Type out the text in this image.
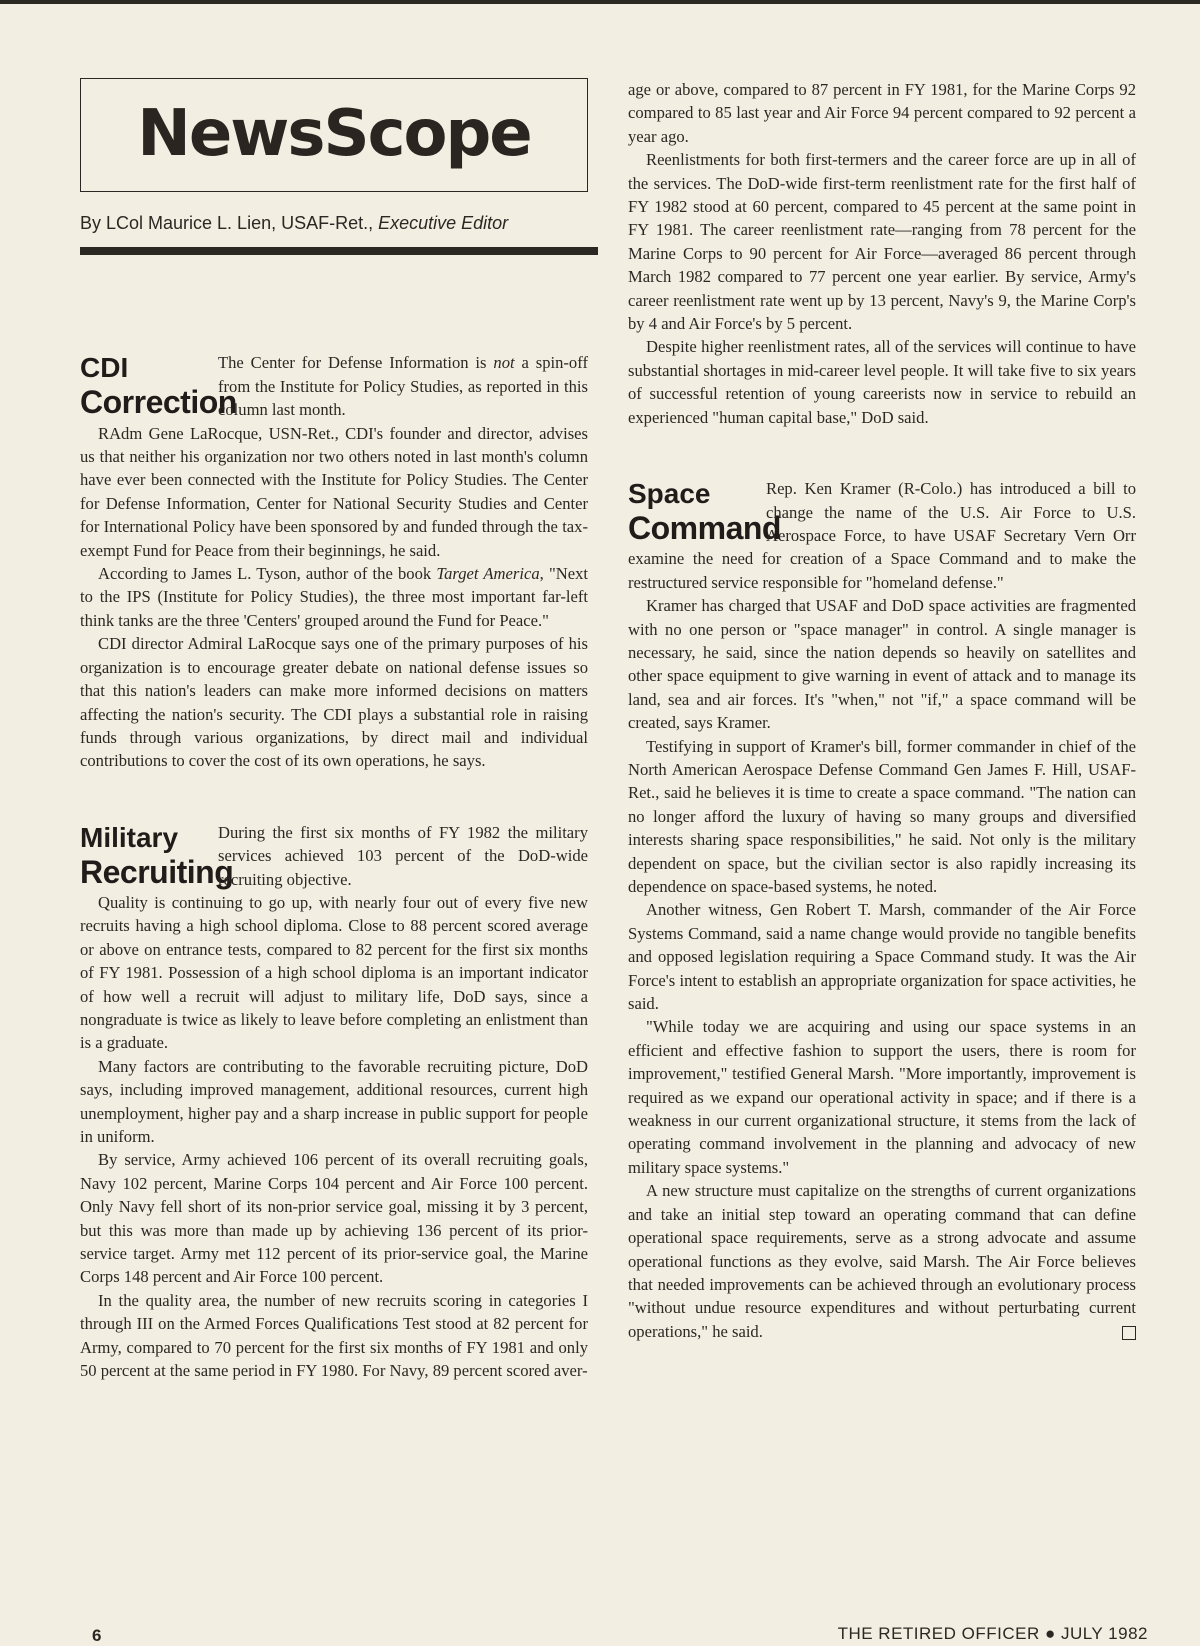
NewsScope
By LCol Maurice L. Lien, USAF-Ret., Executive Editor
CDI
Correction

The Center for Defense Information is not a spin-off from the Institute for Policy Studies, as reported in this column last month.

RAdm Gene LaRocque, USN-Ret., CDI's founder and director, advises us that neither his organization nor two others noted in last month's column have ever been connected with the Institute for Policy Studies. The Center for Defense Information, Center for National Security Studies and Center for International Policy have been sponsored by and funded through the tax-exempt Fund for Peace from their beginnings, he said.

According to James L. Tyson, author of the book Target America, "Next to the IPS (Institute for Policy Studies), the three most important far-left think tanks are the three 'Centers' grouped around the Fund for Peace."

CDI director Admiral LaRocque says one of the primary purposes of his organization is to encourage greater debate on national defense issues so that this nation's leaders can make more informed decisions on matters affecting the nation's security. The CDI plays a substantial role in raising funds through various organizations, by direct mail and individual contributions to cover the cost of its own operations, he says.

Military
Recruiting

During the first six months of FY 1982 the military services achieved 103 percent of the DoD-wide recruiting objective.

Quality is continuing to go up, with nearly four out of every five new recruits having a high school diploma. Close to 88 percent scored average or above on entrance tests, compared to 82 percent for the first six months of FY 1981. Possession of a high school diploma is an important indicator of how well a recruit will adjust to military life, DoD says, since a nongraduate is twice as likely to leave before completing an enlistment than is a graduate.

Many factors are contributing to the favorable recruiting picture, DoD says, including improved management, additional resources, current high unemployment, higher pay and a sharp increase in public support for people in uniform.

By service, Army achieved 106 percent of its overall recruiting goals, Navy 102 percent, Marine Corps 104 percent and Air Force 100 percent. Only Navy fell short of its non-prior service goal, missing it by 3 percent, but this was more than made up by achieving 136 percent of its prior-service target. Army met 112 percent of its prior-service goal, the Marine Corps 148 percent and Air Force 100 percent.

In the quality area, the number of new recruits scoring in categories I through III on the Armed Forces Qualifications Test stood at 82 percent for Army, compared to 70 percent for the first six months of FY 1981 and only 50 percent at the same period in FY 1980. For Navy, 89 percent scored aver-

age or above, compared to 87 percent in FY 1981, for the Marine Corps 92 compared to 85 last year and Air Force 94 percent compared to 92 percent a year ago.

Reenlistments for both first-termers and the career force are up in all of the services. The DoD-wide first-term reenlistment rate for the first half of FY 1982 stood at 60 percent, compared to 45 percent at the same point in FY 1981. The career reenlistment rate—ranging from 78 percent for the Marine Corps to 90 percent for Air Force—averaged 86 percent through March 1982 compared to 77 percent one year earlier. By service, Army's career reenlistment rate went up by 13 percent, Navy's 9, the Marine Corp's by 4 and Air Force's by 5 percent.

Despite higher reenlistment rates, all of the services will continue to have substantial shortages in mid-career level people. It will take five to six years of successful retention of young careerists now in service to rebuild an experienced "human capital base," DoD said.

Space
Command

Rep. Ken Kramer (R-Colo.) has introduced a bill to change the name of the U.S. Air Force to U.S. Aerospace Force, to have USAF Secretary Vern Orr examine the need for creation of a Space Command and to make the restructured service responsible for "homeland defense."

Kramer has charged that USAF and DoD space activities are fragmented with no one person or "space manager" in control. A single manager is necessary, he said, since the nation depends so heavily on satellites and other space equipment to give warning in event of attack and to manage its land, sea and air forces. It's "when," not "if," a space command will be created, says Kramer.

Testifying in support of Kramer's bill, former commander in chief of the North American Aerospace Defense Command Gen James F. Hill, USAF-Ret., said he believes it is time to create a space command. "The nation can no longer afford the luxury of having so many groups and diversified interests sharing space responsibilities," he said. Not only is the military dependent on space, but the civilian sector is also rapidly increasing its dependence on space-based systems, he noted.

Another witness, Gen Robert T. Marsh, commander of the Air Force Systems Command, said a name change would provide no tangible benefits and opposed legislation requiring a Space Command study. It was the Air Force's intent to establish an appropriate organization for space activities, he said.

"While today we are acquiring and using our space systems in an efficient and effective fashion to support the users, there is room for improvement," testified General Marsh. "More importantly, improvement is required as we expand our operational activity in space; and if there is a weakness in our current organizational structure, it stems from the lack of operating command involvement in the planning and advocacy of new military space systems."

A new structure must capitalize on the strengths of current organizations and take an initial step toward an operating command that can define operational space requirements, serve as a strong advocate and assume operational functions as they evolve, said Marsh. The Air Force believes that needed improvements can be achieved through an evolutionary process "without undue resource expenditures and without perturbating current operations," he said.

6	THE RETIRED OFFICER ● JULY 1982
